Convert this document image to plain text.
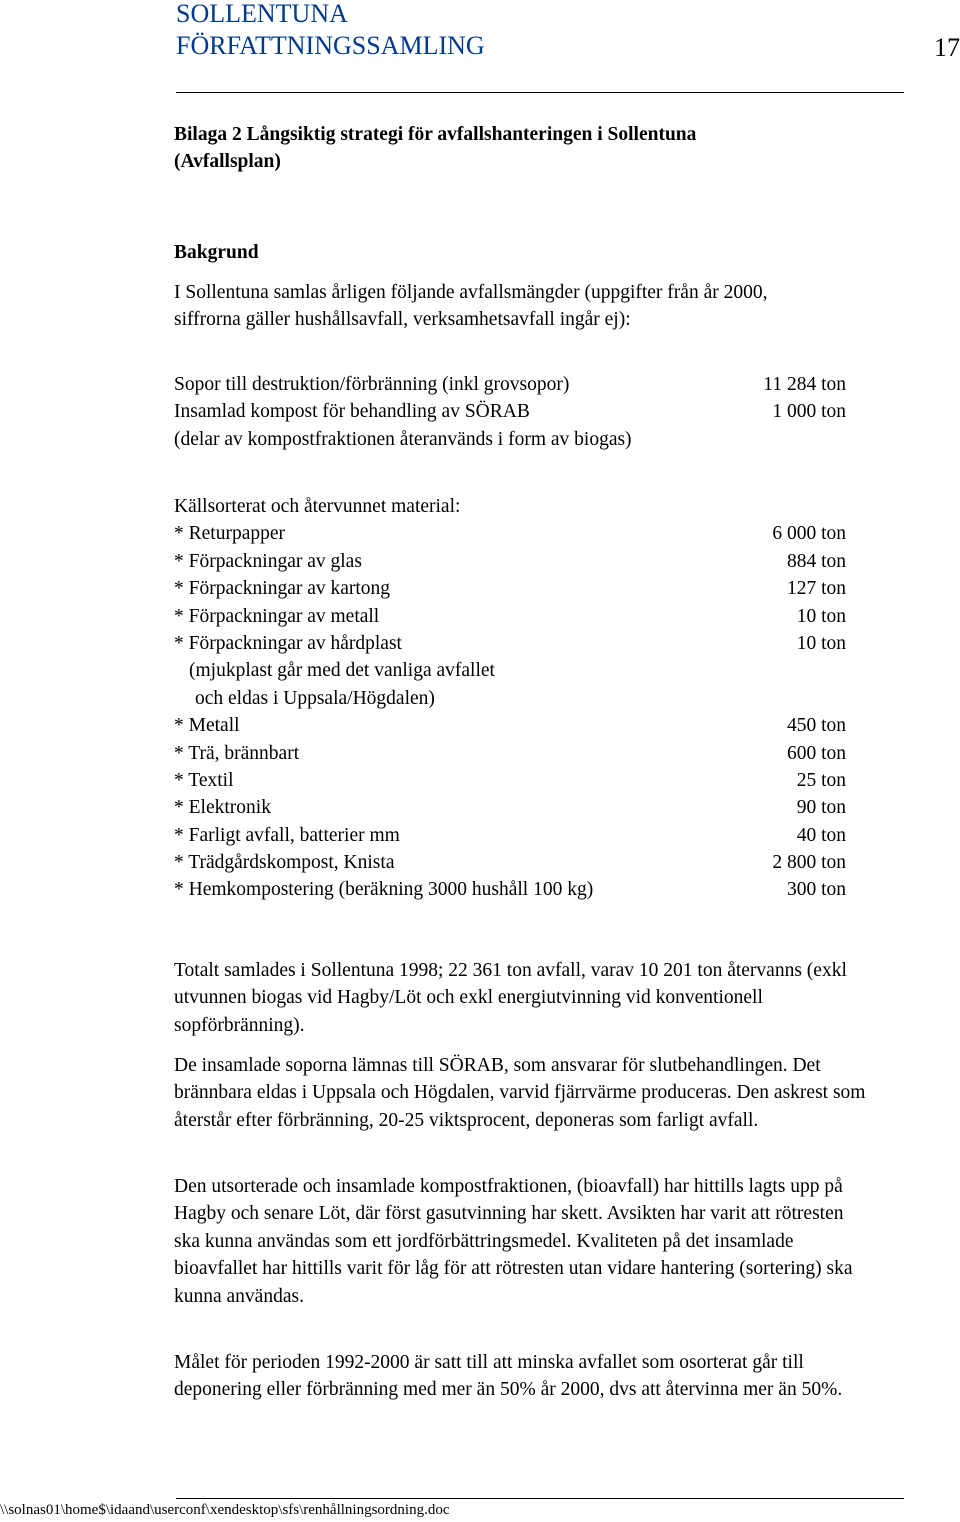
SOLLENTUNA
FÖRFATTNINGSSAMLING	17
Bilaga 2 Långsiktig strategi för avfallshanteringen i Sollentuna
(Avfallsplan)
Bakgrund
I Sollentuna samlas årligen följande avfallsmängder (uppgifter från år 2000,
siffrorna gäller hushållsavfall, verksamhetsavfall ingår ej):
Sopor till destruktion/förbränning (inkl grovsopor)	11 284 ton
Insamlad kompost för behandling av SÖRAB	1 000 ton
(delar av kompostfraktionen återanvänds i form av biogas)
Källsorterat och återvunnet material:
* Returpapper	6 000 ton
* Förpackningar av glas	884 ton
* Förpackningar av kartong	127 ton
* Förpackningar av metall	10 ton
* Förpackningar av hårdplast	10 ton
(mjukplast går med det vanliga avfallet
och eldas i Uppsala/Högdalen)
* Metall	450 ton
* Trä, brännbart	600 ton
* Textil	25 ton
* Elektronik	90 ton
* Farligt avfall, batterier mm	40 ton
* Trädgårdskompost, Knista	2 800 ton
* Hemkompostering (beräkning 3000 hushåll 100 kg)	300 ton

Totalt samlades i Sollentuna 1998; 22 361 ton avfall, varav 10 201 ton återvanns (exkl utvunnen biogas vid Hagby/Löt och exkl energiutvinning vid konventionell sopförbränning).

De insamlade soporna lämnas till SÖRAB, som ansvarar för slutbehandlingen. Det brännbara eldas i Uppsala och Högdalen, varvid fjärrvärme produceras. Den askrest som återstår efter förbränning, 20-25 viktsprocent, deponeras som farligt avfall.

Den utsorterade och insamlade kompostfraktionen, (bioavfall) har hittills lagts upp på Hagby och senare Löt, där först gasutvinning har skett. Avsikten har varit att rötresten ska kunna användas som ett jordförbättringsmedel. Kvaliteten på det insamlade bioavfallet har hittills varit för låg för att rötresten utan vidare hantering (sortering) ska kunna användas.

Målet för perioden 1992-2000 är satt till att minska avfallet som osorterat går till deponering eller förbränning med mer än 50% år 2000, dvs att återvinna mer än 50%.

\\solnas01\home$\idaand\userconf\xendesktop\sfs\renhållningsordning.doc
